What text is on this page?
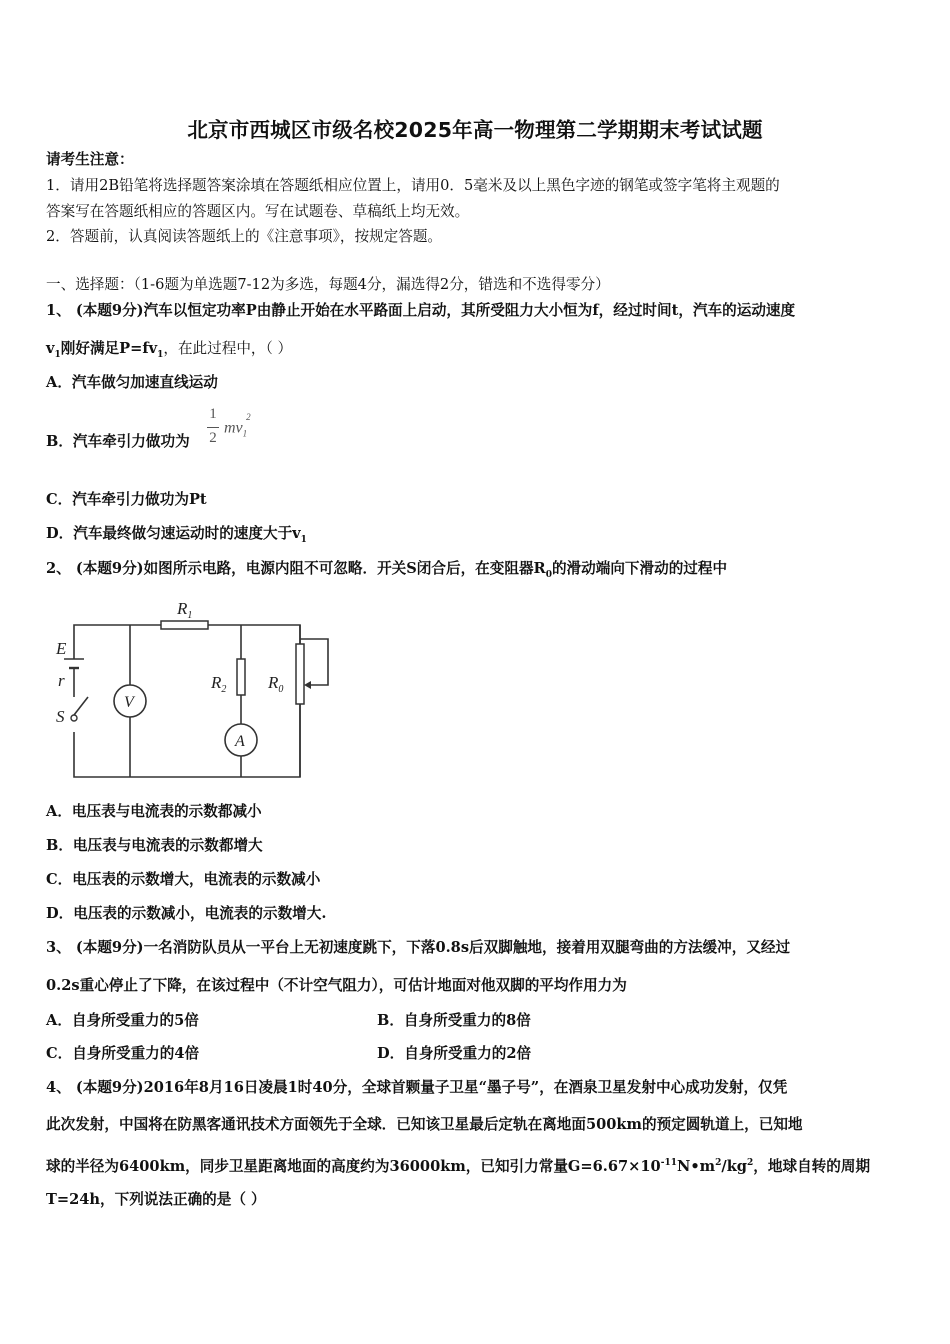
北京市西城区市级名校2025年高一物理第二学期期末考试试题
请考生注意：
1．请用2B铅笔将选择题答案涂填在答题纸相应位置上，请用0．5毫米及以上黑色字迹的钢笔或签字笔将主观题的
答案写在答题纸相应的答题区内。写在试题卷、草稿纸上均无效。
2．答题前，认真阅读答题纸上的《注意事项》，按规定答题。
一、选择题：（1-6题为单选题7-12为多选，每题4分，漏选得2分，错选和不选得零分）
1、 (本题9分)汽车以恒定功率P由静止开始在水平路面上启动，其所受阻力大小恒为f，经过时间t，汽车的运动速度
$v_1$刚好满足$P=fv_1$，在此过程中，（ ）
A．汽车做匀加速直线运动
B．汽车牵引力做功为
1
2
$mv_1^2$
C．汽车牵引力做功为Pt
D．汽车最终做匀速运动时的速度大于$v_1$
2、 (本题9分)如图所示电路，电源内阻不可忽略．开关S闭合后，在变阻器$R_0$的滑动端向下滑动的过程中
$R_1$
$R_2$ $R_0$
E
r
S
V
A
A．电压表与电流表的示数都减小
B．电压表与电流表的示数都增大
C．电压表的示数增大，电流表的示数减小
D．电压表的示数减小，电流表的示数增大.
3、 (本题9分)一名消防队员从一平台上无初速度跳下，下落0.8s后双脚触地，接着用双腿弯曲的方法缓冲，又经过
0.2s重心停止了下降，在该过程中（不计空气阻力），可估计地面对他双脚的平均作用力为
A．自身所受重力的5倍	B．自身所受重力的8倍
C．自身所受重力的4倍	D．自身所受重力的2倍
4、 (本题9分)2016年8月16日凌晨1时40分，全球首颗量子卫星“墨子号”，在酒泉卫星发射中心成功发射，仅凭
此次发射，中国将在防黑客通讯技术方面领先于全球．已知该卫星最后定轨在离地面500km的预定圆轨道上，已知地
球的半径为6400km，同步卫星距离地面的高度约为36000km，已知引力常量$G=6.67\times 10^{-11}N•m^2/kg^2$，地球自转的周期
T=24h，下列说法正确的是（ ）
